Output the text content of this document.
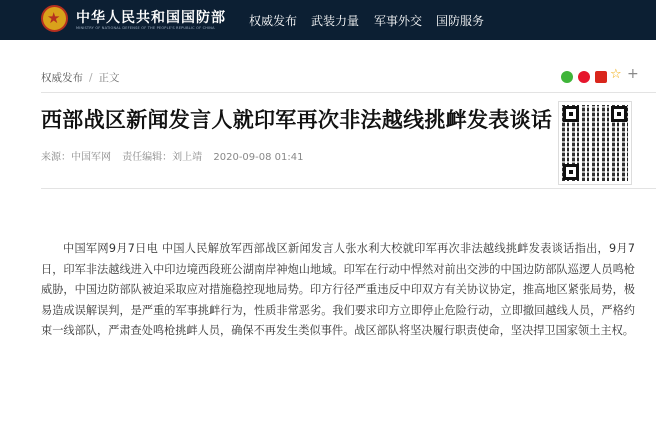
★ 中华人民共和国国防部
MINISTRY OF NATIONAL DEFENSE OF THE PEOPLE'S REPUBLIC OF CHINA	权威发布 武装力量 军事外交 国防服务
权威发布 / 正文	☆ +
西部战区新闻发言人就印军再次非法越线挑衅发表谈话
来源：中国军网 责任编辑：刘上靖 2020-09-08 01:41

中国军网9月7日电 中国人民解放军西部战区新闻发言人张水利大校就印军再次非法越线挑衅发表谈话指出，9月7日，印军非法越线进入中印边境西段班公湖南岸神炮山地域。印军在行动中悍然对前出交涉的中国边防部队巡逻人员鸣枪威胁，中国边防部队被迫采取应对措施稳控现地局势。印方行径严重违反中印双方有关协议协定，推高地区紧张局势，极易造成误解误判，是严重的军事挑衅行为，性质非常恶劣。我们要求印方立即停止危险行动，立即撤回越线人员，严格约束一线部队，严肃查处鸣枪挑衅人员，确保不再发生类似事件。战区部队将坚决履行职责使命，坚决捍卫国家领土主权。
